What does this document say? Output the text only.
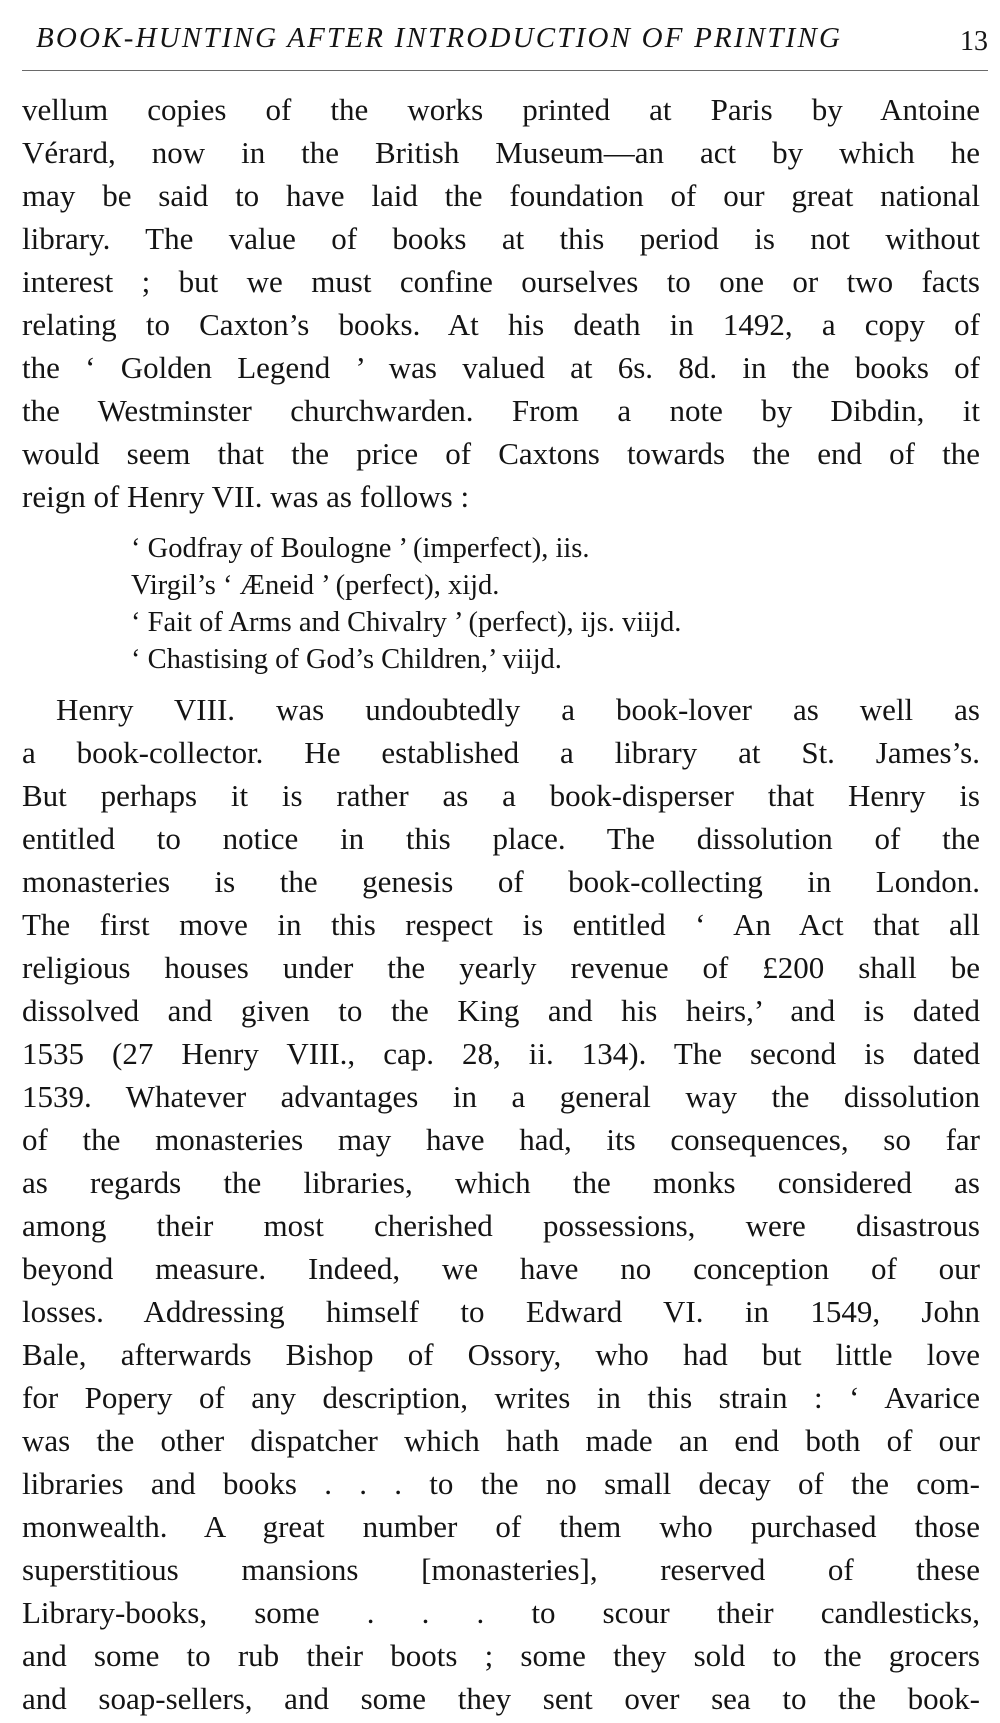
BOOK-HUNTING AFTER INTRODUCTION OF PRINTING	13
vellum copies of the works printed at Paris by Antoine
Vérard, now in the British Museum—an act by which he
may be said to have laid the foundation of our great national
library. The value of books at this period is not without
interest ; but we must confine ourselves to one or two facts
relating to Caxton’s books. At his death in 1492, a copy of
the ‘ Golden Legend ’ was valued at 6s. 8d. in the books of
the Westminster churchwarden. From a note by Dibdin, it
would seem that the price of Caxtons towards the end of the
reign of Henry VII. was as follows :
‘ Godfray of Boulogne ’ (imperfect), iis.
Virgil’s ‘ Æneid ’ (perfect), xijd.
‘ Fait of Arms and Chivalry ’ (perfect), ijs. viijd.
‘ Chastising of God’s Children,’ viijd.
Henry VIII. was undoubtedly a book-lover as well as
a book-collector. He established a library at St. James’s.
But perhaps it is rather as a book-disperser that Henry is
entitled to notice in this place. The dissolution of the
monasteries is the genesis of book-collecting in London.
The first move in this respect is entitled ‘ An Act that all
religious houses under the yearly revenue of £200 shall be
dissolved and given to the King and his heirs,’ and is dated
1535 (27 Henry VIII., cap. 28, ii. 134). The second is dated
1539. Whatever advantages in a general way the dissolution
of the monasteries may have had, its consequences, so far
as regards the libraries, which the monks considered as
among their most cherished possessions, were disastrous
beyond measure. Indeed, we have no conception of our
losses. Addressing himself to Edward VI. in 1549, John
Bale, afterwards Bishop of Ossory, who had but little love
for Popery of any description, writes in this strain : ‘ Avarice
was the other dispatcher which hath made an end both of our
libraries and books . . . to the no small decay of the com-
monwealth. A great number of them who purchased those
superstitious mansions [monasteries], reserved of these
Library-books, some . . . to scour their candlesticks,
and some to rub their boots ; some they sold to the grocers
and soap-sellers, and some they sent over sea to the book-
